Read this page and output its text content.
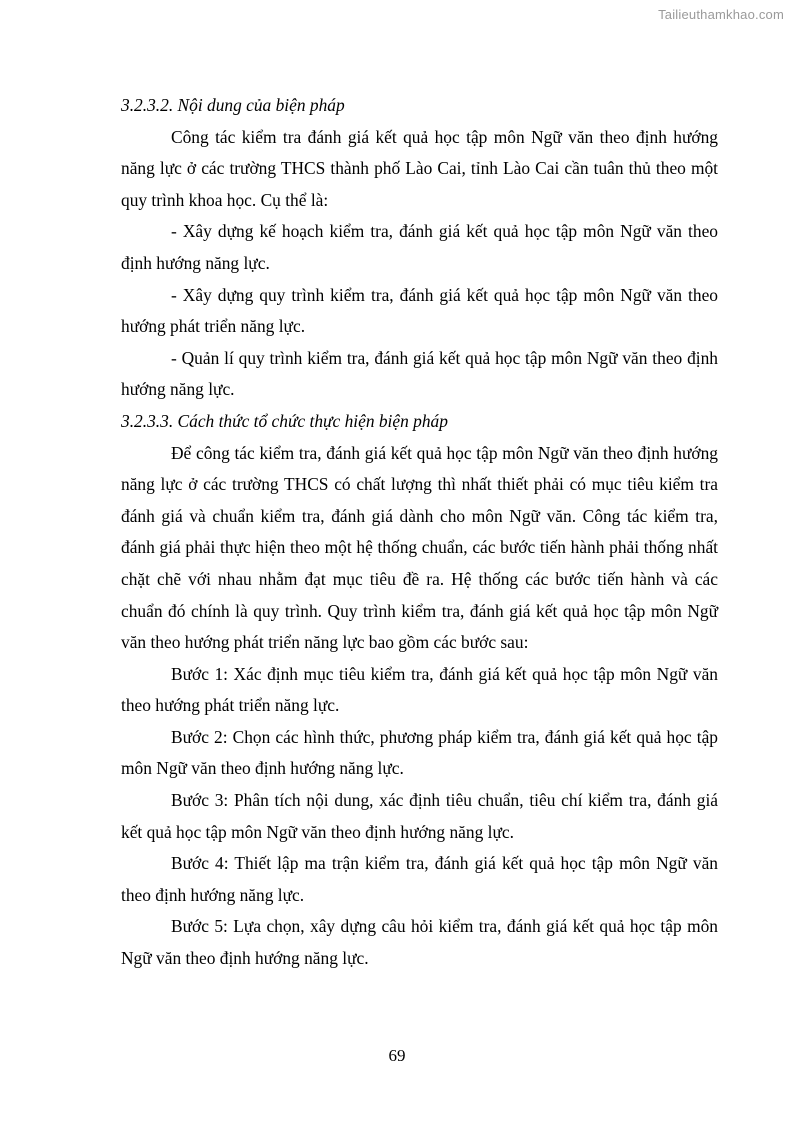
Tailieuthamkhao.com

3.2.3.2. Nội dung của biện pháp

Công tác kiểm tra đánh giá kết quả học tập môn Ngữ văn theo định hướng năng lực ở các trường THCS thành phố Lào Cai, tỉnh Lào Cai cần tuân thủ theo một quy trình khoa học. Cụ thể là:

- Xây dựng kế hoạch kiểm tra, đánh giá kết quả học tập môn Ngữ văn theo định hướng năng lực.

- Xây dựng quy trình kiểm tra, đánh giá kết quả học tập môn Ngữ văn theo hướng phát triển năng lực.

- Quản lí quy trình kiểm tra, đánh giá kết quả học tập môn Ngữ văn theo định hướng năng lực.

3.2.3.3. Cách thức tổ chức thực hiện biện pháp

Để công tác kiểm tra, đánh giá kết quả học tập môn Ngữ văn theo định hướng năng lực ở các trường THCS có chất lượng thì nhất thiết phải có mục tiêu kiểm tra đánh giá và chuẩn kiểm tra, đánh giá dành cho môn Ngữ văn. Công tác kiểm tra, đánh giá phải thực hiện theo một hệ thống chuẩn, các bước tiến hành phải thống nhất chặt chẽ với nhau nhằm đạt mục tiêu đề ra. Hệ thống các bước tiến hành và các chuẩn đó chính là quy trình. Quy trình kiểm tra, đánh giá kết quả học tập môn Ngữ văn theo hướng phát triển năng lực bao gồm các bước sau:

Bước 1: Xác định mục tiêu kiểm tra, đánh giá kết quả học tập môn Ngữ văn theo hướng phát triển năng lực.

Bước 2: Chọn các hình thức, phương pháp kiểm tra, đánh giá kết quả học tập môn Ngữ văn theo định hướng năng lực.

Bước 3: Phân tích nội dung, xác định tiêu chuẩn, tiêu chí kiểm tra, đánh giá kết quả học tập môn Ngữ văn theo định hướng năng lực.

Bước 4: Thiết lập ma trận kiểm tra, đánh giá kết quả học tập môn Ngữ văn theo định hướng năng lực.

Bước 5: Lựa chọn, xây dựng câu hỏi kiểm tra, đánh giá kết quả học tập môn Ngữ văn theo định hướng năng lực.

69
